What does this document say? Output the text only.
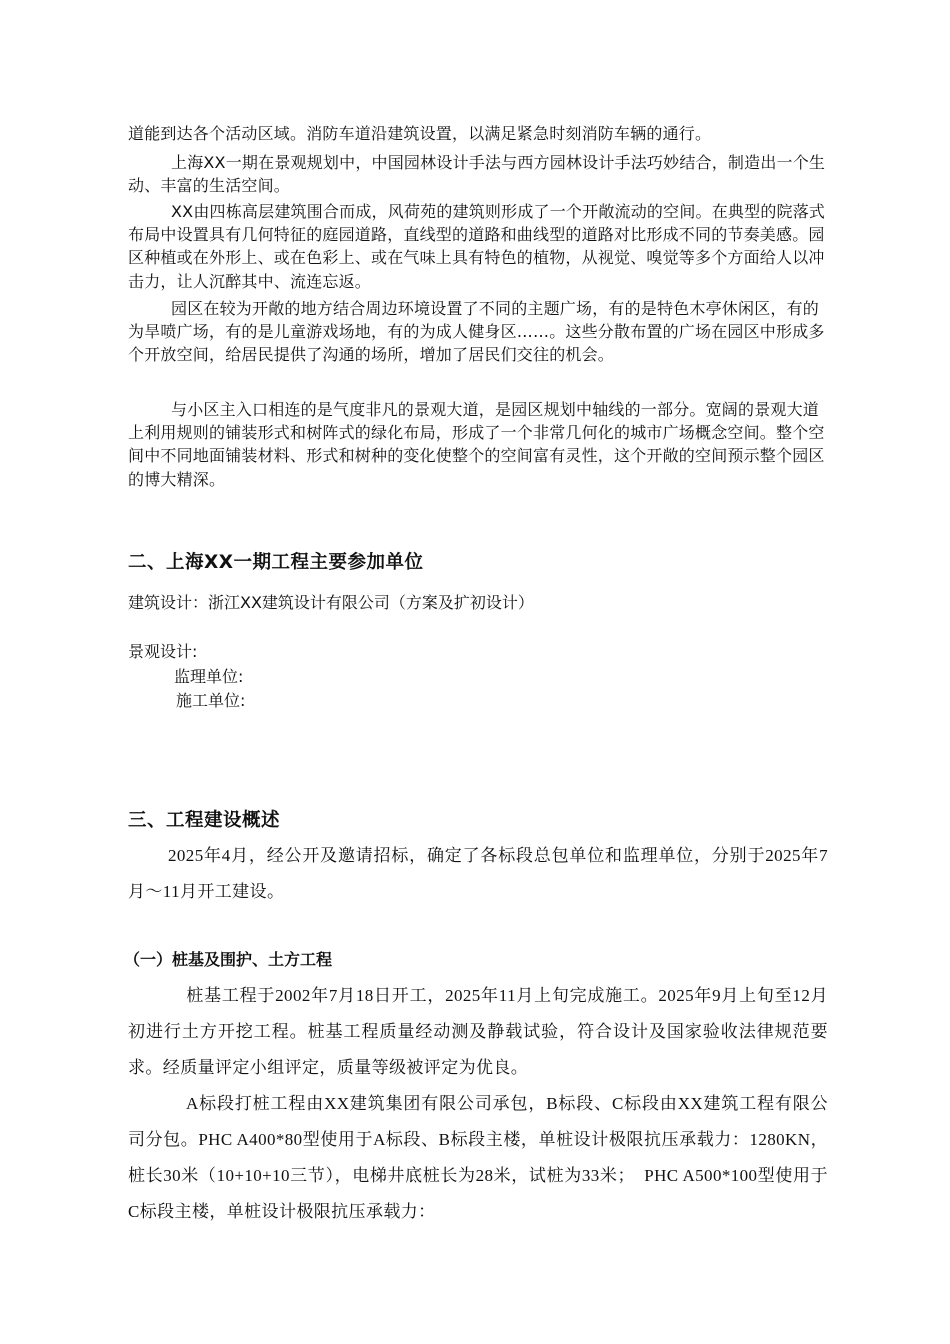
道能到达各个活动区域。消防车道沿建筑设置，以满足紧急时刻消防车辆的通行。

上海XX一期在景观规划中，中国园林设计手法与西方园林设计手法巧妙结合，制造出一个生动、丰富的生活空间。

XX由四栋高层建筑围合而成，风荷苑的建筑则形成了一个开敞流动的空间。在典型的院落式布局中设置具有几何特征的庭园道路，直线型的道路和曲线型的道路对比形成不同的节奏美感。园区种植或在外形上、或在色彩上、或在气味上具有特色的植物，从视觉、嗅觉等多个方面给人以冲击力，让人沉醉其中、流连忘返。

园区在较为开敞的地方结合周边环境设置了不同的主题广场，有的是特色木亭休闲区，有的为旱喷广场，有的是儿童游戏场地，有的为成人健身区……。这些分散布置的广场在园区中形成多个开放空间，给居民提供了沟通的场所，增加了居民们交往的机会。

与小区主入口相连的是气度非凡的景观大道，是园区规划中轴线的一部分。宽阔的景观大道上利用规则的铺装形式和树阵式的绿化布局，形成了一个非常几何化的城市广场概念空间。整个空间中不同地面铺装材料、形式和树种的变化使整个的空间富有灵性，这个开敞的空间预示整个园区的博大精深。

二、上海XX一期工程主要参加单位

建筑设计：浙江XX建筑设计有限公司（方案及扩初设计）

景观设计:

监理单位:

施工单位:

三、工程建设概述

2025年4月，经公开及邀请招标，确定了各标段总包单位和监理单位，分别于2025年7月～11月开工建设。

（一）桩基及围护、土方工程

桩基工程于2002年7月18日开工，2025年11月上旬完成施工。2025年9月上旬至12月初进行土方开挖工程。桩基工程质量经动测及静载试验，符合设计及国家验收法律规范要求。经质量评定小组评定，质量等级被评定为优良。

A标段打桩工程由XX建筑集团有限公司承包，B标段、C标段由XX建筑工程有限公司分包。PHC A400*80型使用于A标段、B标段主楼，单桩设计极限抗压承载力：1280KN，桩长30米（10+10+10三节），电梯井底桩长为28米，试桩为33米；　PHC A500*100型使用于C标段主楼，单桩设计极限抗压承载力：
